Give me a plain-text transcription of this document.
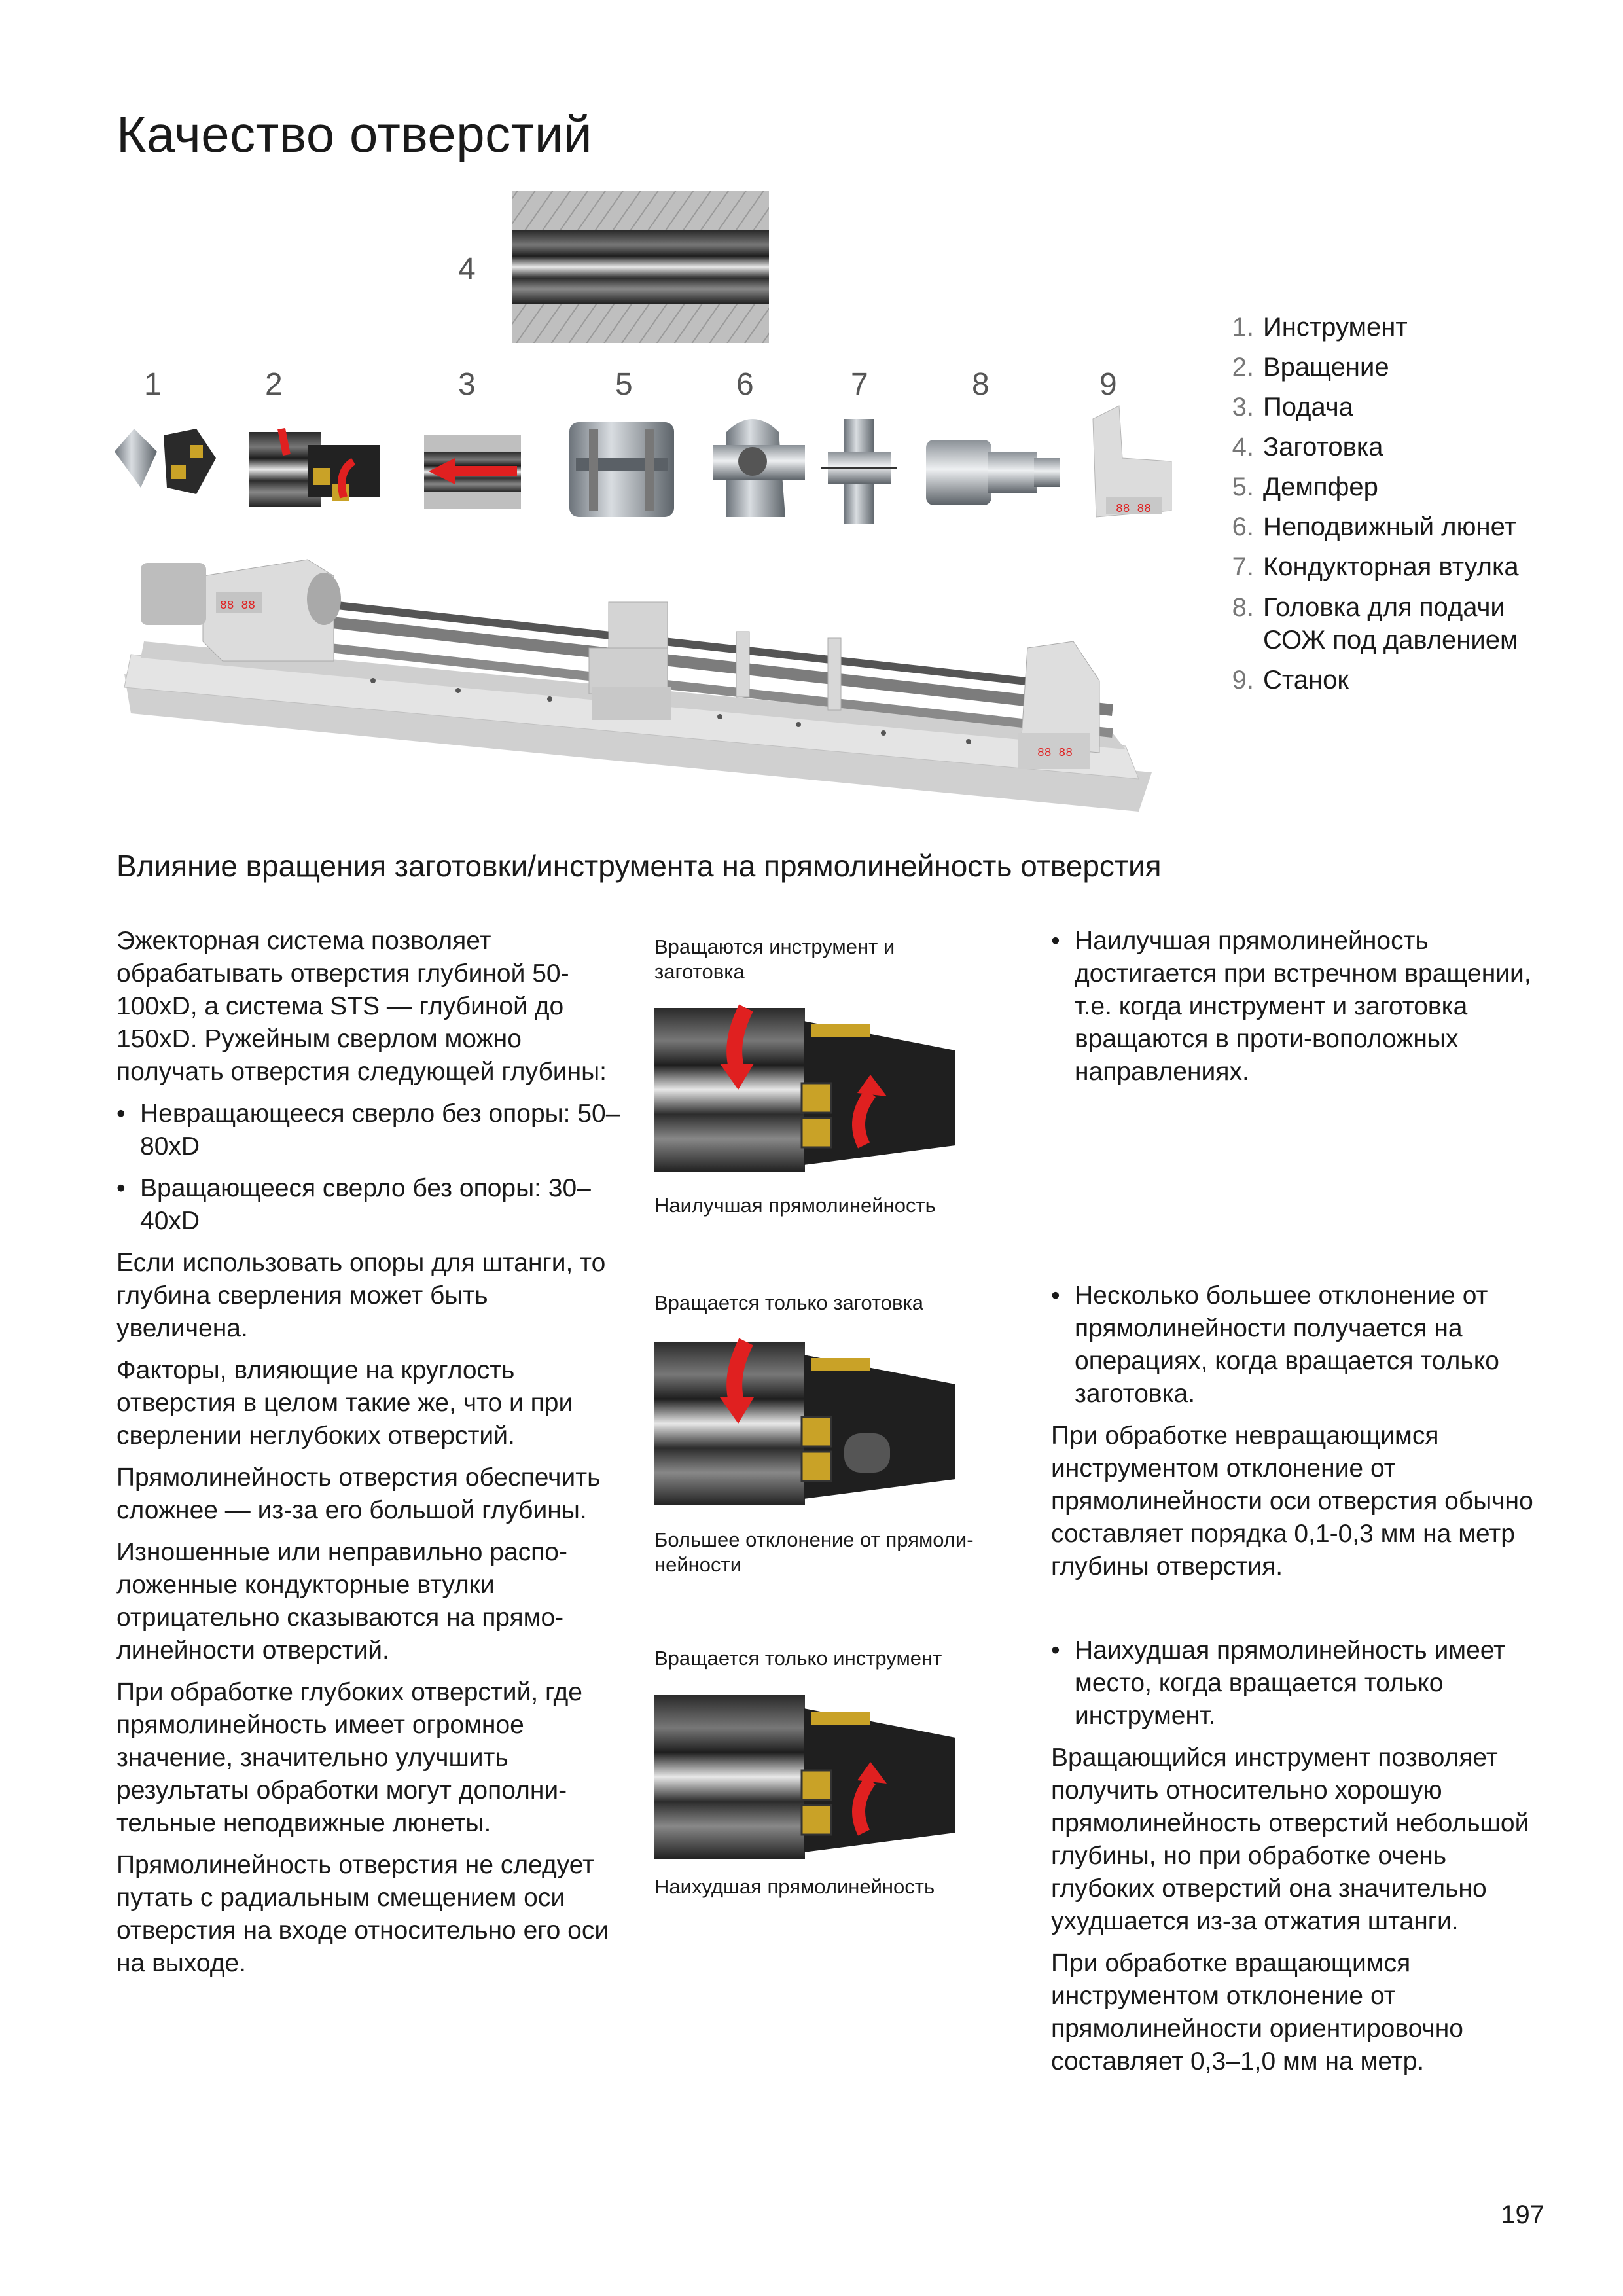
Качество отверстий
88 88
88 88
88 88
4
1	2	3	5	6	7	8	9
1. Инструмент
2. Вращение
3. Подача
4. Заготовка
5. Демпфер
6. Неподвижный люнет
7. Кондукторная втулка
8. Головка для подачи СОЖ под давлением
9. Станок
Влияние вращения заготовки/инструмента на прямолинейность отверстия

Эжекторная система позволяет обрабатывать отверстия глубиной 50-100xD, а система STS — глубиной до 150xD. Ружейным сверлом можно получать отверстия следующей глубины:

• Невращающееся сверло без опоры: 50–80xD
• Вращающееся сверло без опоры: 30–40xD

Если использовать опоры для штанги, то глубина сверления может быть увеличена.

Факторы, влияющие на круглость отверстия в целом такие же, что и при сверлении неглубоких отверстий.

Прямолинейность отверстия обеспечить сложнее — из-за его большой глубины.

Изношенные или неправильно распо-ложенные кондукторные втулки отрицательно сказываются на прямо-линейности отверстий.

При обработке глубоких отверстий, где прямолинейность имеет огромное значение, значительно улучшить результаты обработки могут дополни-тельные неподвижные люнеты.

Прямолинейность отверстия не следует путать с радиальным смещением оси отверстия на входе относительно его оси на выходе.

Вращаются инструмент и заготовка
Наилучшая прямолинейность
Вращается только заготовка
Большее отклонение от прямоли-нейности
Вращается только инструмент
Наихудшая прямолинейность
• Наилучшая прямолинейность достигается при встречном вращении, т.е. когда инструмент и заготовка вращаются в проти-воположных направлениях.
• Несколько большее отклонение от прямолинейности получается на операциях, когда вращается только заготовка.

При обработке невращающимся инструментом отклонение от прямолинейности оси отверстия обычно составляет порядка 0,1-0,3 мм на метр глубины отверстия.

• Наихудшая прямолинейность имеет место, когда вращается только инструмент.

Вращающийся инструмент позволяет получить относительно хорошую прямолинейность отверстий небольшой глубины, но при обработке очень глубоких отверстий она значительно ухудшается из-за отжатия штанги.

При обработке вращающимся инструментом отклонение от прямолинейности ориентировочно составляет 0,3–1,0 мм на метр.

197
